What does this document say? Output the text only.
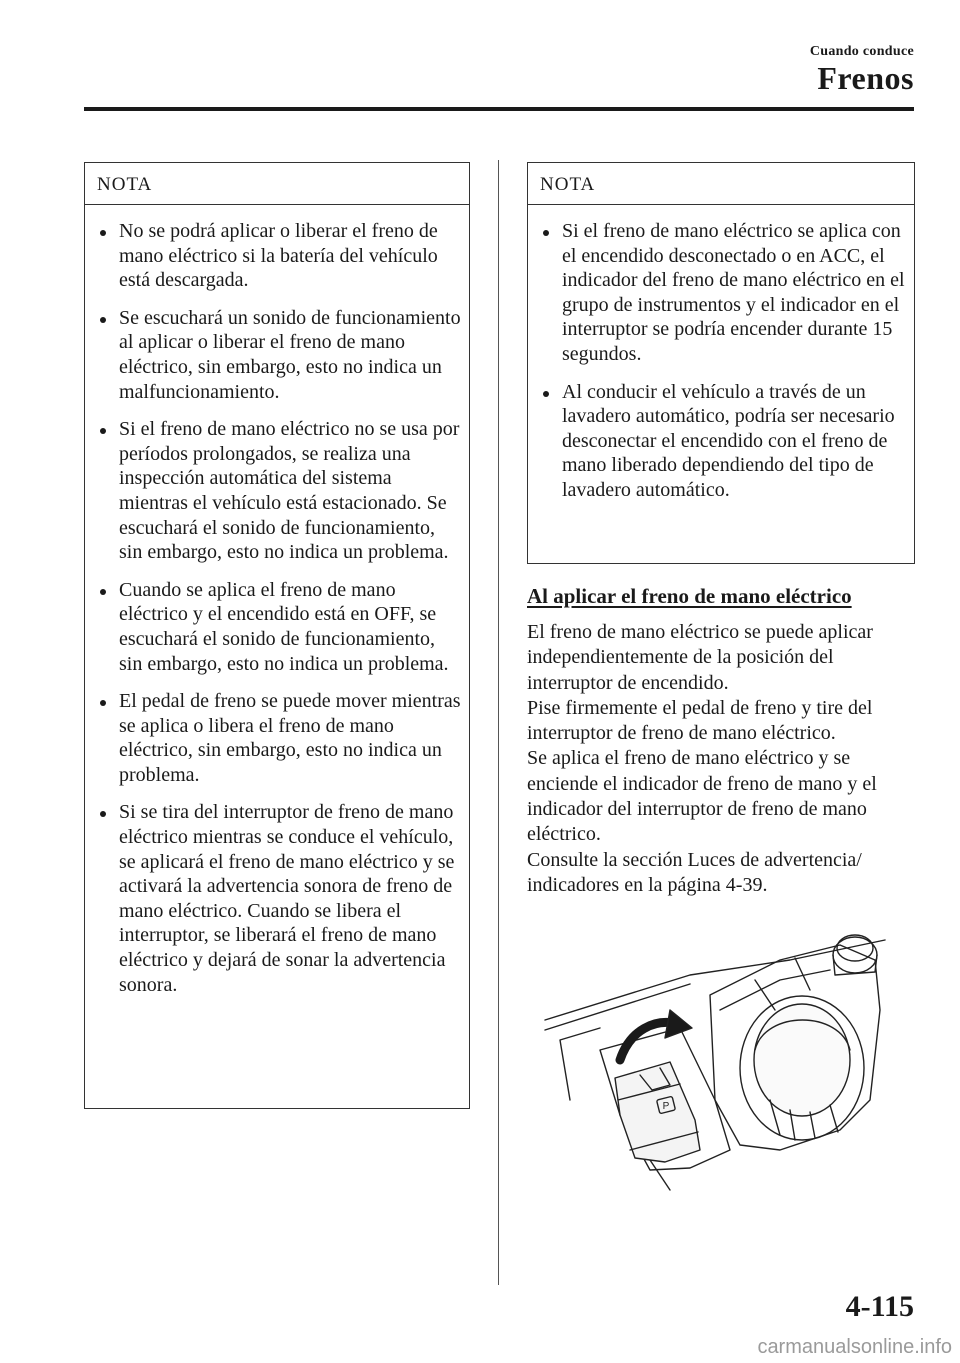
Cuando conduce
Frenos
NOTA
No se podrá aplicar o liberar el freno de mano eléctrico si la batería del vehículo está descargada.
Se escuchará un sonido de funcionamiento al aplicar o liberar el freno de mano eléctrico, sin embargo, esto no indica un malfuncionamiento.
Si el freno de mano eléctrico no se usa por períodos prolongados, se realiza una inspección automática del sistema mientras el vehículo está estacionado. Se escuchará el sonido de funcionamiento, sin embargo, esto no indica un problema.
Cuando se aplica el freno de mano eléctrico y el encendido está en OFF, se escuchará el sonido de funcionamiento, sin embargo, esto no indica un problema.
El pedal de freno se puede mover mientras se aplica o libera el freno de mano eléctrico, sin embargo, esto no indica un problema.
Si se tira del interruptor de freno de mano eléctrico mientras se conduce el vehículo, se aplicará el freno de mano eléctrico y se activará la advertencia sonora de freno de mano eléctrico. Cuando se libera el interruptor, se liberará el freno de mano eléctrico y dejará de sonar la advertencia sonora.
NOTA
Si el freno de mano eléctrico se aplica con el encendido desconectado o en ACC, el indicador del freno de mano eléctrico en el grupo de instrumentos y el indicador en el interruptor se podría encender durante 15 segundos.
Al conducir el vehículo a través de un lavadero automático, podría ser necesario desconectar el encendido con el freno de mano liberado dependiendo del tipo de lavadero automático.
Al aplicar el freno de mano eléctrico

El freno de mano eléctrico se puede aplicar independientemente de la posición del interruptor de encendido.

Pise firmemente el pedal de freno y tire del interruptor de freno de mano eléctrico.

Se aplica el freno de mano eléctrico y se enciende el indicador de freno de mano y el indicador del interruptor de freno de mano eléctrico.

Consulte la sección Luces de advertencia/ indicadores en la página 4-39.

P
4-115
carmanualsonline.info
